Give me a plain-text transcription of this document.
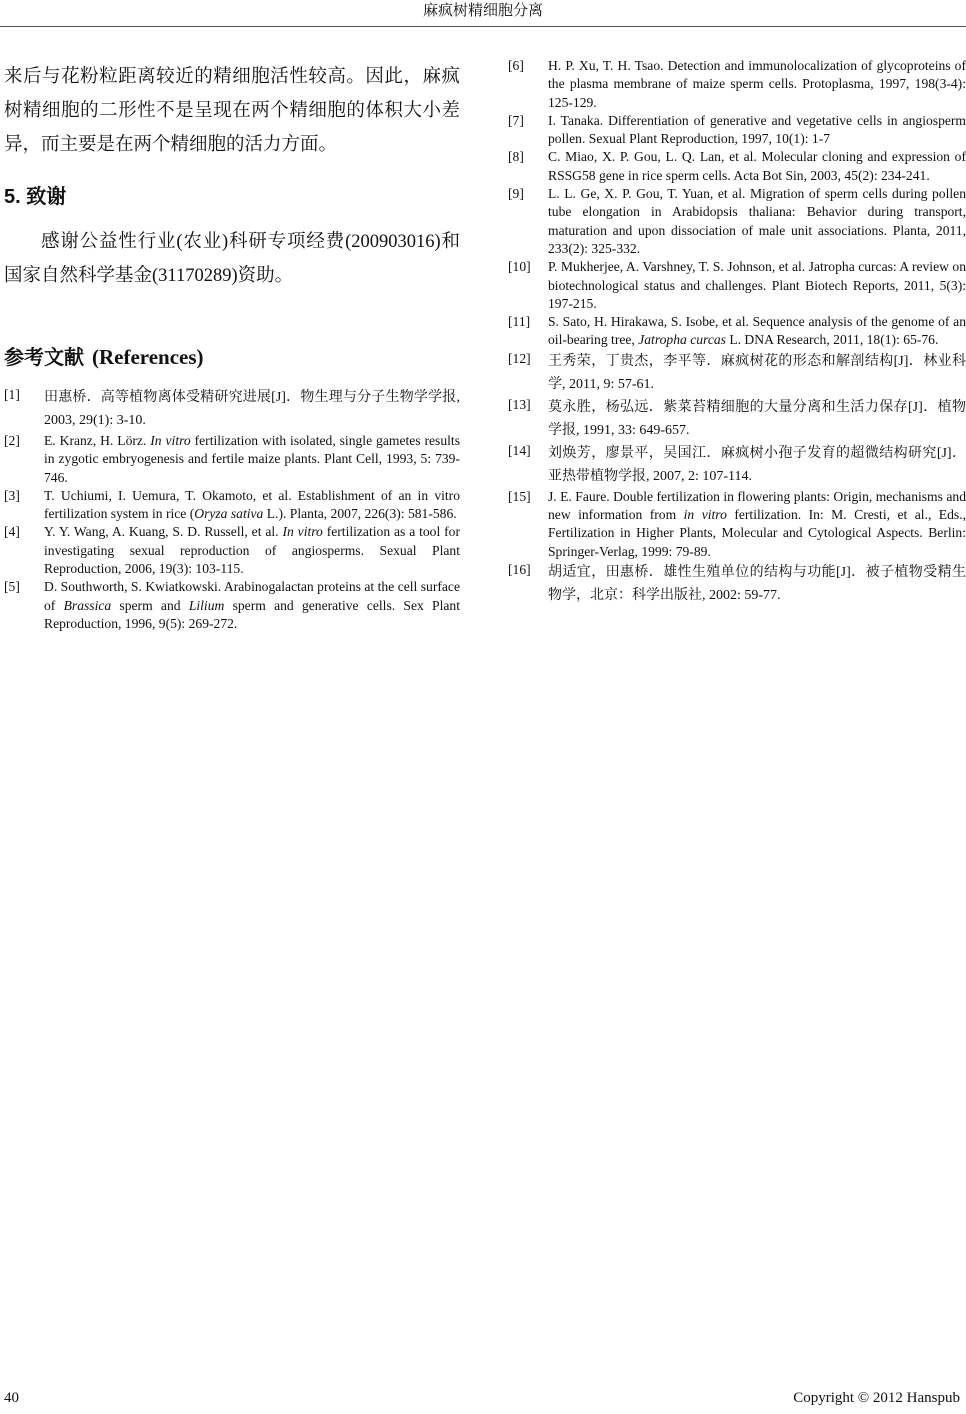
麻疯树精细胞分离

来后与花粉粒距离较近的精细胞活性较高。因此，麻疯树精细胞的二形性不是呈现在两个精细胞的体积大小差异，而主要是在两个精细胞的活力方面。

5. 致谢

感谢公益性行业(农业)科研专项经费(200903016)和国家自然科学基金(31170289)资助。

参考文献 (References)
[1]	田惠桥．高等植物离体受精研究进展[J]．物生理与分子生物学学报, 2003, 29(1): 3-10.
[2]	E. Kranz, H. Lörz. In vitro fertilization with isolated, single gametes results in zygotic embryogenesis and fertile maize plants. Plant Cell, 1993, 5: 739-746.
[3]	T. Uchiumi, I. Uemura, T. Okamoto, et al. Establishment of an in vitro fertilization system in rice (Oryza sativa L.). Planta, 2007, 226(3): 581-586.
[4]	Y. Y. Wang, A. Kuang, S. D. Russell, et al. In vitro fertilization as a tool for investigating sexual reproduction of angiosperms. Sexual Plant Reproduction, 2006, 19(3): 103-115.
[5]	D. Southworth, S. Kwiatkowski. Arabinogalactan proteins at the cell surface of Brassica sperm and Lilium sperm and generative cells. Sex Plant Reproduction, 1996, 9(5): 269-272.
[6]	H. P. Xu, T. H. Tsao. Detection and immunolocalization of glycoproteins of the plasma membrane of maize sperm cells. Protoplasma, 1997, 198(3-4): 125-129.
[7]	I. Tanaka. Differentiation of generative and vegetative cells in angiosperm pollen. Sexual Plant Reproduction, 1997, 10(1): 1-7
[8]	C. Miao, X. P. Gou, L. Q. Lan, et al. Molecular cloning and expression of RSSG58 gene in rice sperm cells. Acta Bot Sin, 2003, 45(2): 234-241.
[9]	L. L. Ge, X. P. Gou, T. Yuan, et al. Migration of sperm cells during pollen tube elongation in Arabidopsis thaliana: Behavior during transport, maturation and upon dissociation of male unit associations. Planta, 2011, 233(2): 325-332.
[10]	P. Mukherjee, A. Varshney, T. S. Johnson, et al. Jatropha curcas: A review on biotechnological status and challenges. Plant Biotech Reports, 2011, 5(3): 197-215.
[11]	S. Sato, H. Hirakawa, S. Isobe, et al. Sequence analysis of the genome of an oil-bearing tree, Jatropha curcas L. DNA Research, 2011, 18(1): 65-76.
[12]	王秀荣，丁贵杰，李平等．麻疯树花的形态和解剖结构[J]．林业科学, 2011, 9: 57-61.
[13]	莫永胜，杨弘远．紫菜苔精细胞的大量分离和生活力保存[J]．植物学报, 1991, 33: 649-657.
[14]	刘焕芳，廖景平，吴国江．麻疯树小孢子发育的超微结构研究[J]．亚热带植物学报, 2007, 2: 107-114.
[15]	J. E. Faure. Double fertilization in flowering plants: Origin, mechanisms and new information from in vitro fertilization. In: M. Cresti, et al., Eds., Fertilization in Higher Plants, Molecular and Cytological Aspects. Berlin: Springer-Verlag, 1999: 79-89.
[16]	胡适宜，田惠桥．雄性生殖单位的结构与功能[J]．被子植物受精生物学，北京：科学出版社, 2002: 59-77.
40	Copyright © 2012 Hanspub
